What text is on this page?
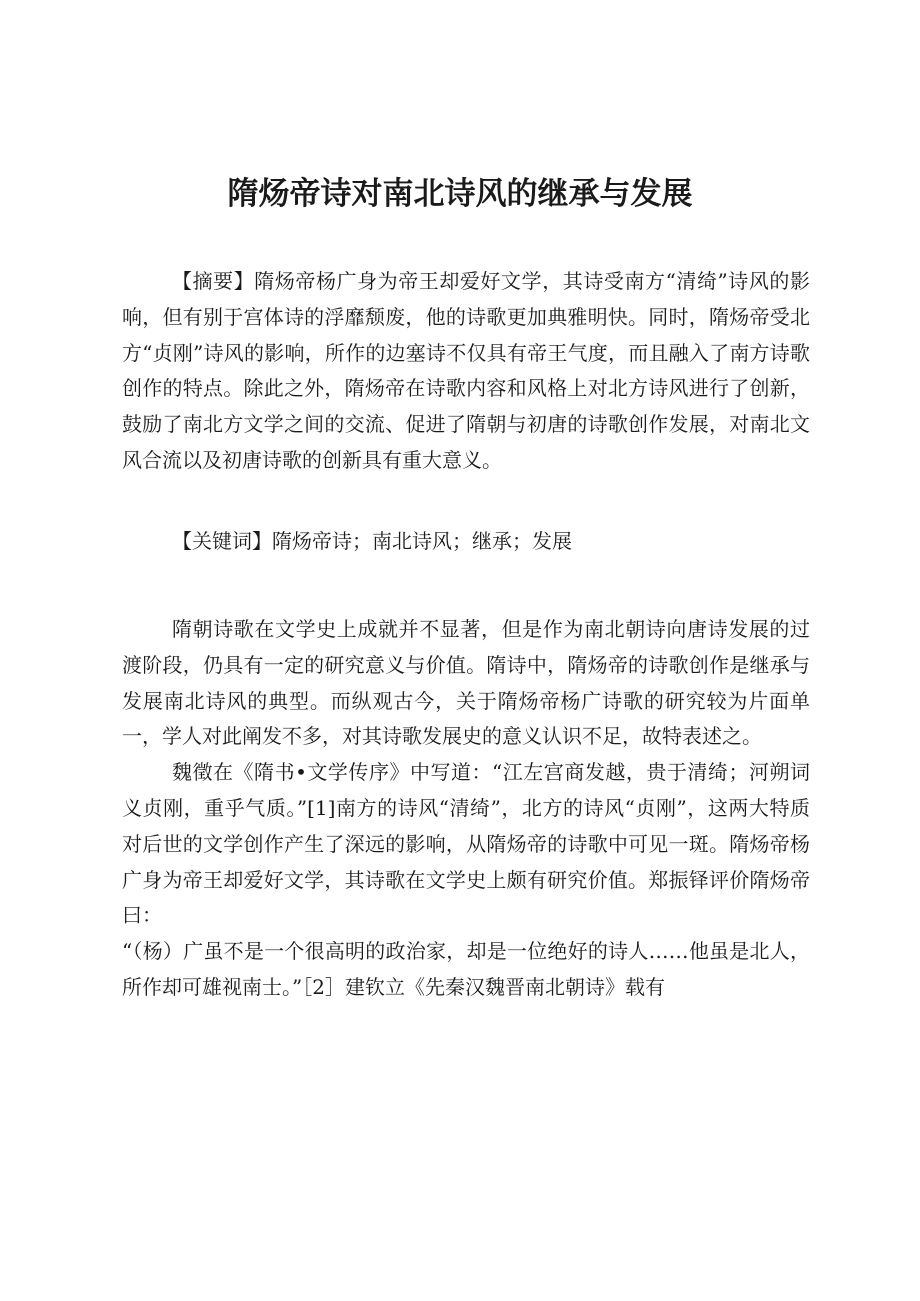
隋炀帝诗对南北诗风的继承与发展

【摘要】隋炀帝杨广身为帝王却爱好文学，其诗受南方“清绮”诗风的影响，但有别于宫体诗的浮靡颓废，他的诗歌更加典雅明快。同时，隋炀帝受北方“贞刚”诗风的影响，所作的边塞诗不仅具有帝王气度，而且融入了南方诗歌创作的特点。除此之外，隋炀帝在诗歌内容和风格上对北方诗风进行了创新，鼓励了南北方文学之间的交流、促进了隋朝与初唐的诗歌创作发展，对南北文风合流以及初唐诗歌的创新具有重大意义。

【关键词】隋炀帝诗；南北诗风；继承；发展

隋朝诗歌在文学史上成就并不显著，但是作为南北朝诗向唐诗发展的过渡阶段，仍具有一定的研究意义与价值。隋诗中，隋炀帝的诗歌创作是继承与发展南北诗风的典型。而纵观古今，关于隋炀帝杨广诗歌的研究较为片面单一，学人对此阐发不多，对其诗歌发展史的意义认识不足，故特表述之。

魏徵在《隋书•文学传序》中写道：“江左宫商发越，贵于清绮；河朔词义贞刚，重乎气质。”[1]南方的诗风“清绮”，北方的诗风“贞刚”，这两大特质对后世的文学创作产生了深远的影响，从隋炀帝的诗歌中可见一斑。隋炀帝杨广身为帝王却爱好文学，其诗歌在文学史上颇有研究价值。郑振铎评价隋炀帝曰：

“（杨）广虽不是一个很高明的政治家，却是一位绝好的诗人……他虽是北人，所作却可雄视南士。”［2］建钦立《先秦汉魏晋南北朝诗》载有
